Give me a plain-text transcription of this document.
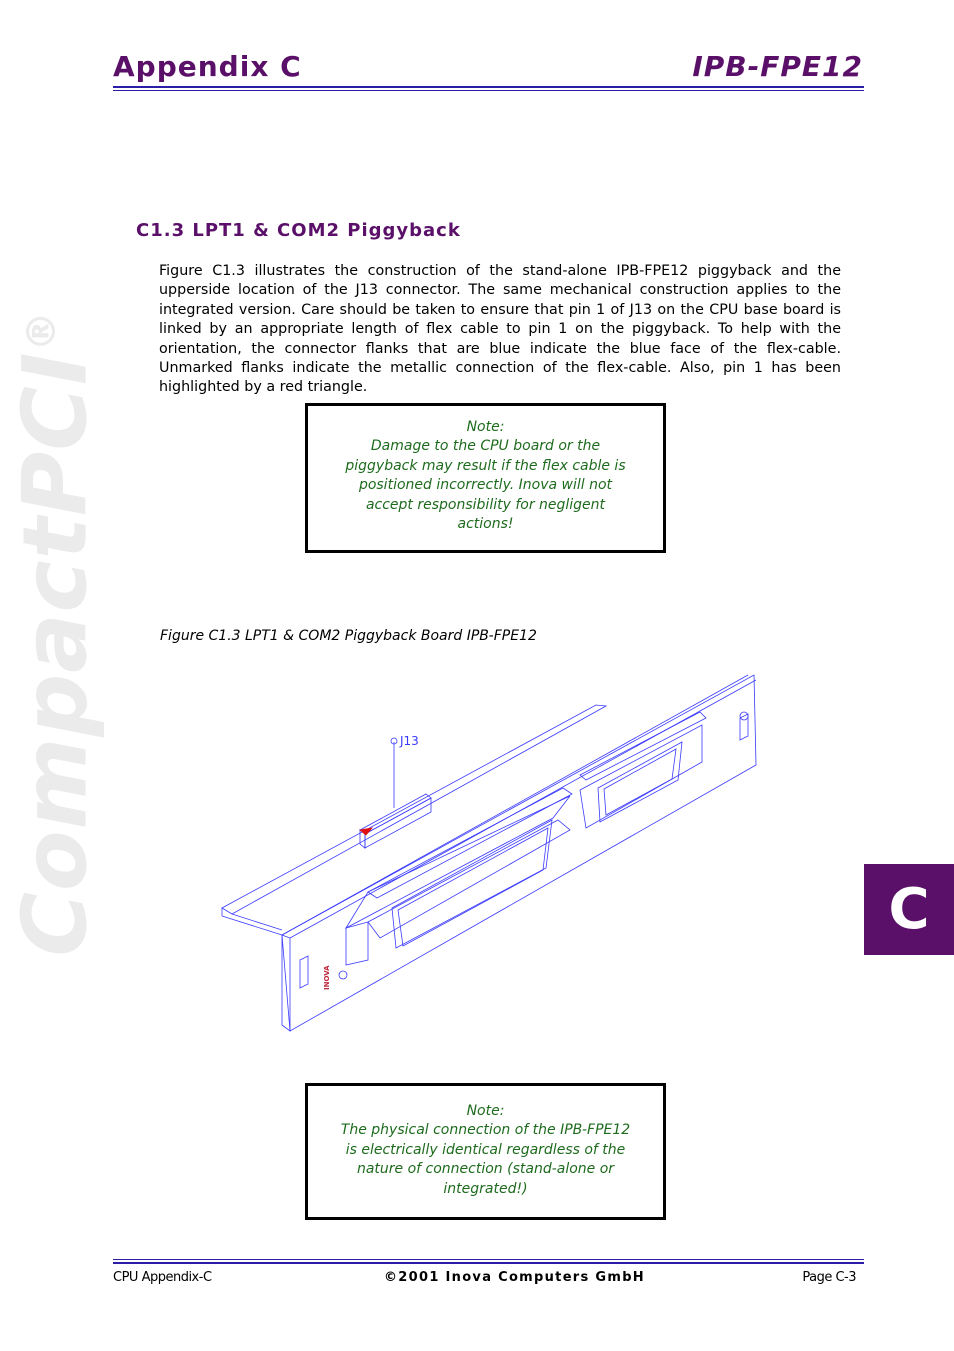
Appendix C	IPB-FPE12
CompactPCI®
C1.3 LPT1 & COM2 Piggyback
Figure C1.3 illustrates the construction of the stand-alone IPB-FPE12 piggyback and the upperside location of the J13 connector. The same mechanical construction applies to the integrated version. Care should be taken to ensure that pin 1 of J13 on the CPU base board is linked by an appropriate length of flex cable to pin 1 on the piggyback. To help with the orientation, the connector flanks that are blue indicate the blue face of the flex-cable. Unmarked flanks indicate the metallic connection of the flex-cable. Also, pin 1 has been highlighted by a red triangle.
Note:
Damage to the CPU board or the piggyback may result if the flex cable is positioned incorrectly. Inova will not accept responsibility for negligent actions!
Figure C1.3 LPT1 & COM2 Piggyback Board IPB-FPE12
J13
INOVA
Note:
The physical connection of the IPB-FPE12 is electrically identical regardless of the nature of connection (stand-alone or integrated!)
C
CPU Appendix-C	©2001 Inova Computers GmbH	Page C-3
